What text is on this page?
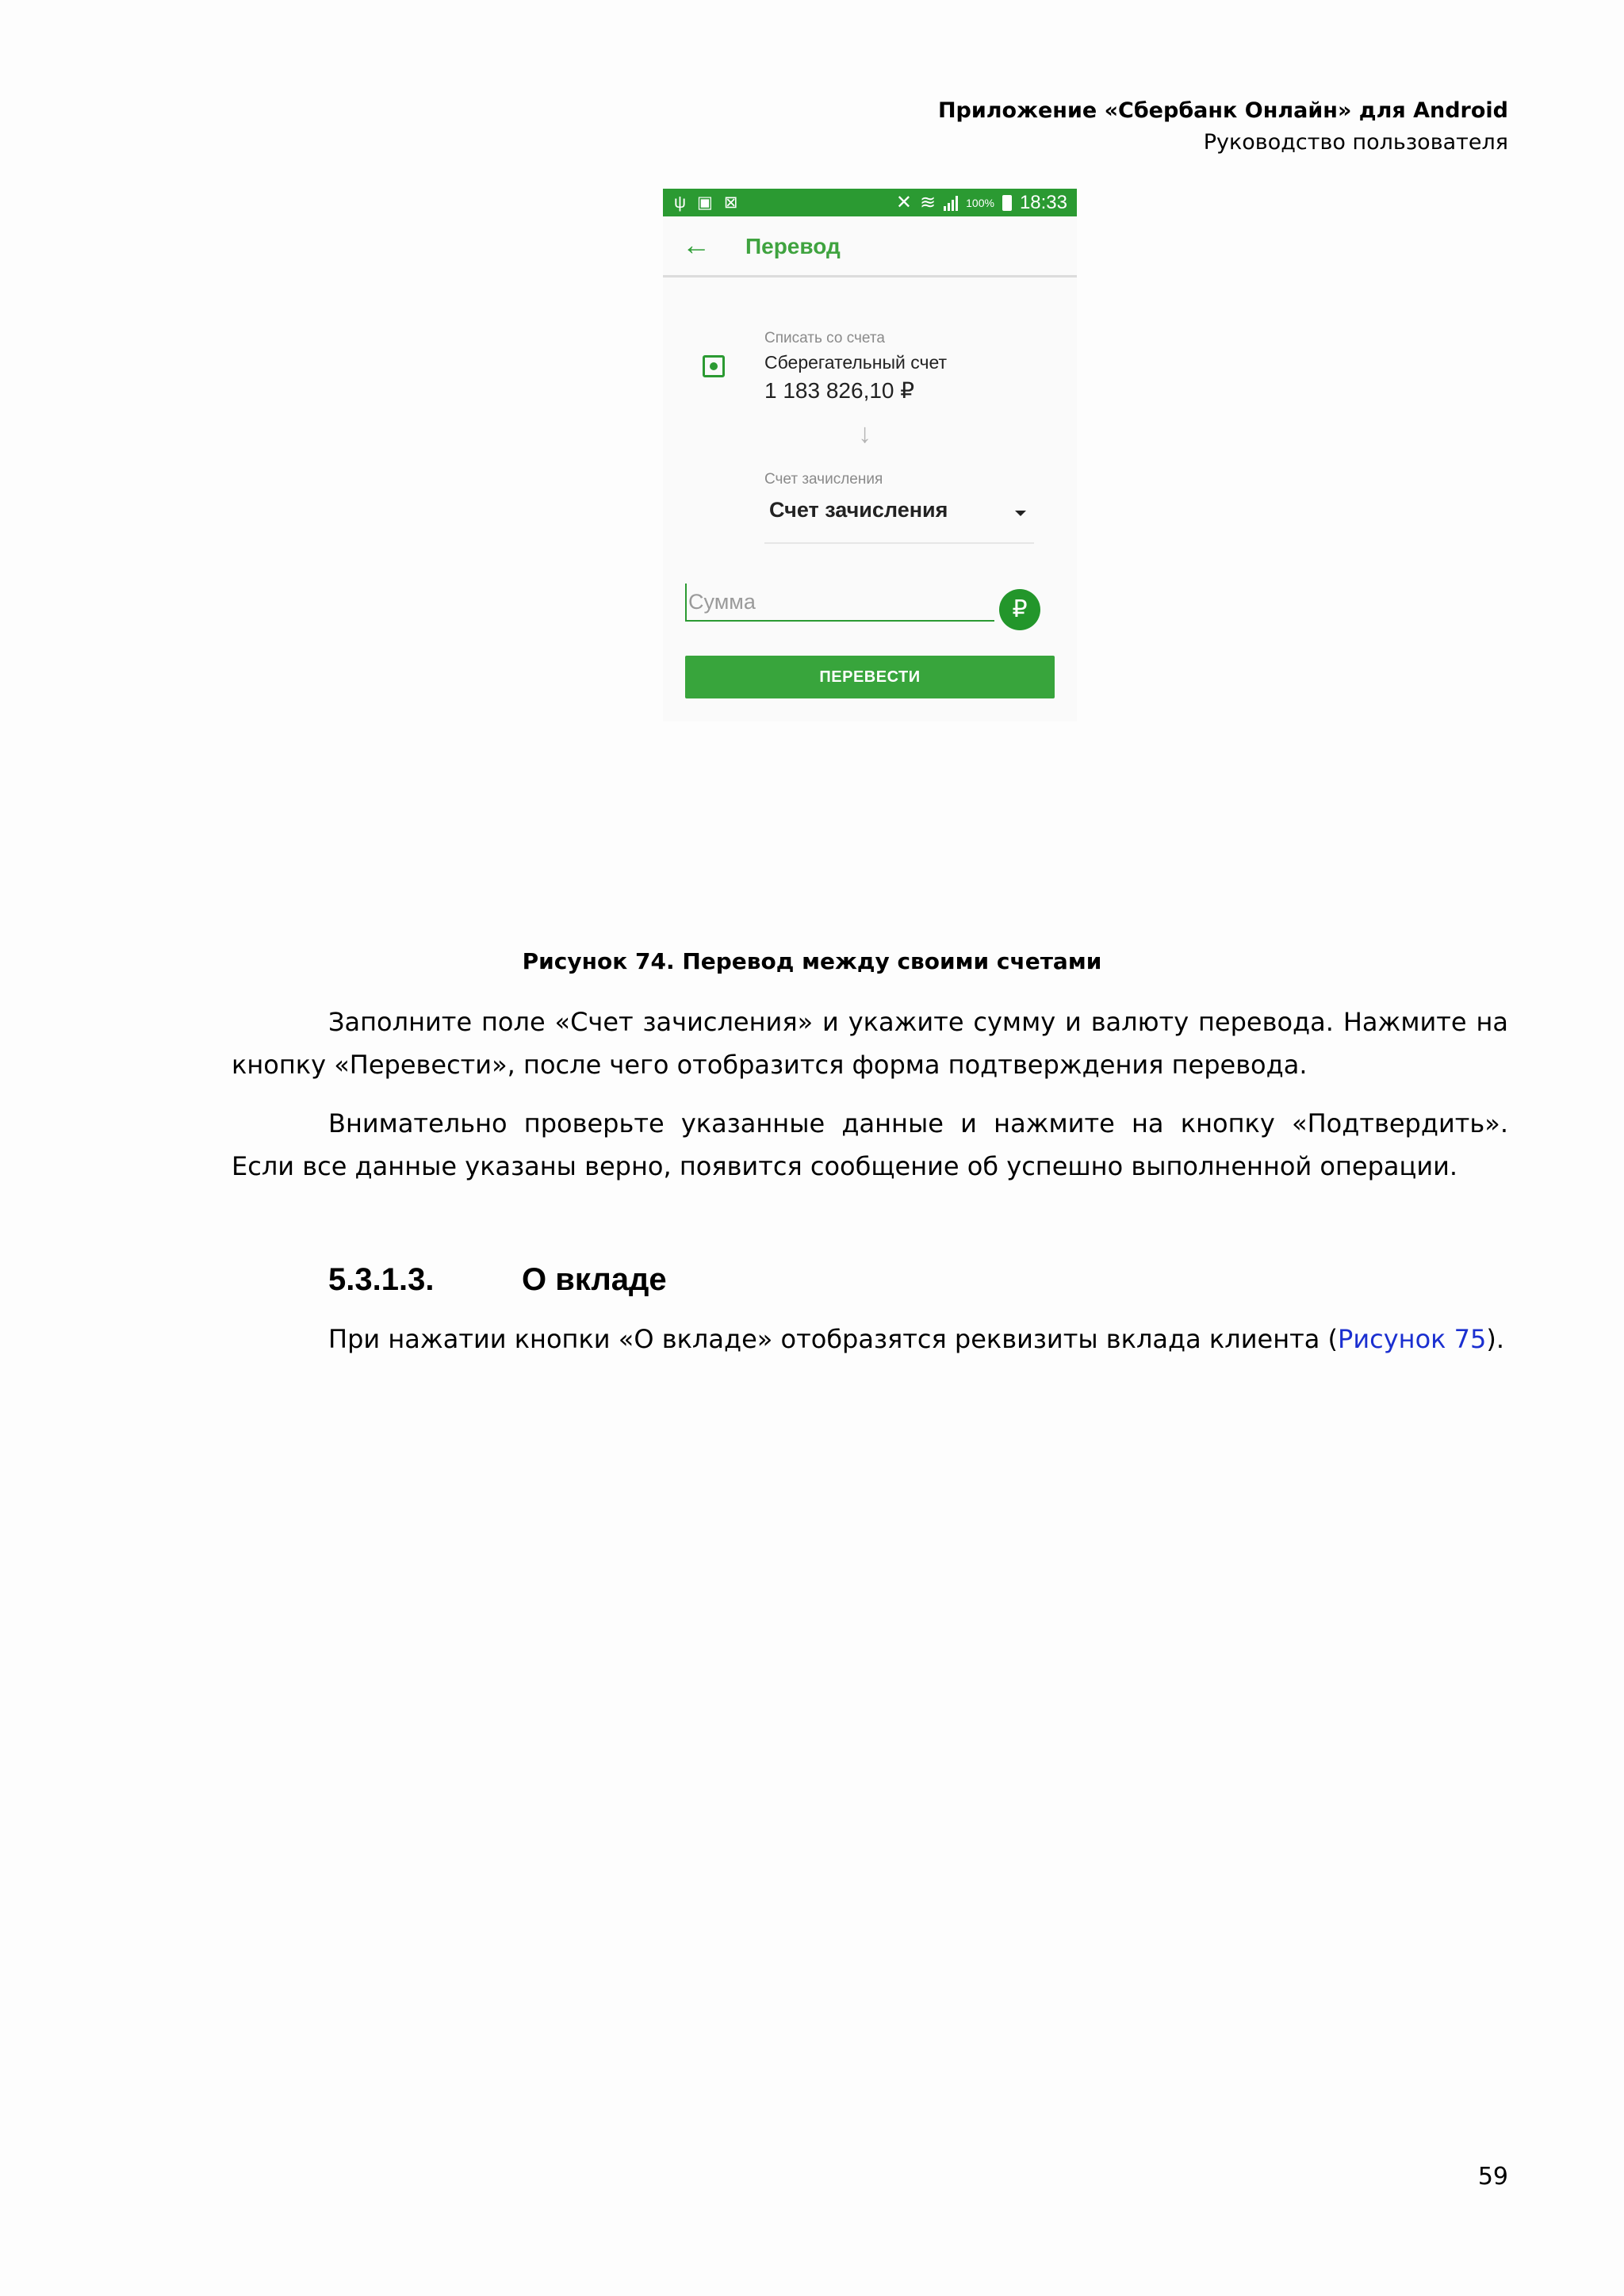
Приложение «Сбербанк Онлайн» для Android
Руководство пользователя
ψ ▣ ⊠	✕ ≋	100% 18:33
← Перевод
Списать со счета
Сберегательный счет
1 183 826,10 ₽
↓
Счет зачисления
Счет зачисления
Сумма
₽
ПЕРЕВЕСТИ
Рисунок 74. Перевод между своими счетами

Заполните поле «Счет зачисления» и укажите сумму и валюту перевода. Нажмите на кнопку «Перевести», после чего отобразится форма подтверждения перевода.

Внимательно проверьте указанные данные и нажмите на кнопку «Подтвердить». Если все данные указаны верно, появится сообщение об успешно выполненной операции.

5.3.1.3.	О вкладе
При нажатии кнопки «О вкладе» отобразятся реквизиты вклада клиента (Рисунок 75).
59
